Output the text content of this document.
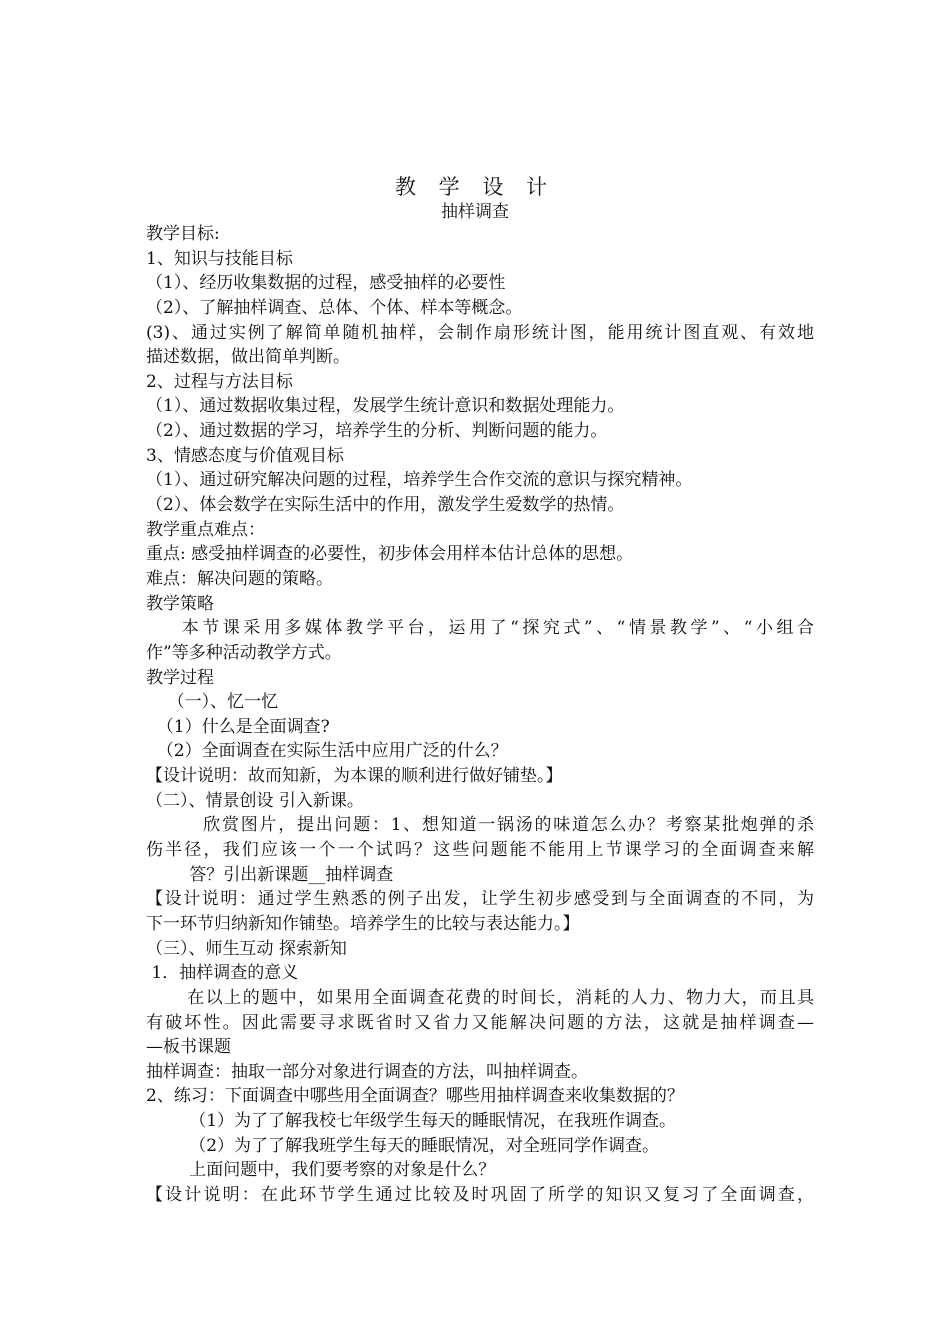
教 学 设 计
抽样调查
教学目标:
1、知识与技能目标
（1）、经历收集数据的过程，感受抽样的必要性
（2）、了解抽样调查、总体、个体、样本等概念。
(3)、通过实例了解简单随机抽样，会制作扇形统计图，能用统计图直观、有效地
描述数据，做出简单判断。
2、过程与方法目标
（1）、通过数据收集过程，发展学生统计意识和数据处理能力。
（2）、通过数据的学习，培养学生的分析、判断问题的能力。
3、情感态度与价值观目标
（1）、通过研究解决问题的过程，培养学生合作交流的意识与探究精神。
（2）、体会数学在实际生活中的作用，激发学生爱数学的热情。
教学重点难点：
重点: 感受抽样调查的必要性，初步体会用样本估计总体的思想。
难点：解决问题的策略。
教学策略
本节课采用多媒体教学平台，运用了“探究式”、“情景教学”、“小组合
作”等多种活动教学方式。
教学过程
（一）、忆一忆
（1）什么是全面调查?
（2）全面调查在实际生活中应用广泛的什么？
【设计说明：故而知新，为本课的顺利进行做好铺垫。】
（二）、情景创设 引入新课。
欣赏图片，提出问题：1、想知道一锅汤的味道怎么办？考察某批炮弹的杀
伤半径，我们应该一个一个试吗？这些问题能不能用上节课学习的全面调查来解
答？引出新课题__抽样调查
【设计说明：通过学生熟悉的例子出发，让学生初步感受到与全面调查的不同，为
下一环节归纳新知作铺垫。培养学生的比较与表达能力。】
（三）、师生互动 探索新知
1．抽样调查的意义
在以上的题中，如果用全面调查花费的时间长，消耗的人力、物力大，而且具
有破坏性。因此需要寻求既省时又省力又能解决问题的方法，这就是抽样调查—
—板书课题
抽样调查：抽取一部分对象进行调查的方法，叫抽样调查。
2、练习：下面调查中哪些用全面调查？哪些用抽样调查来收集数据的？
（1）为了了解我校七年级学生每天的睡眠情况，在我班作调查。
（2）为了了解我班学生每天的睡眠情况，对全班同学作调查。
上面问题中，我们要考察的对象是什么？
【设计说明：在此环节学生通过比较及时巩固了所学的知识又复习了全面调查，
